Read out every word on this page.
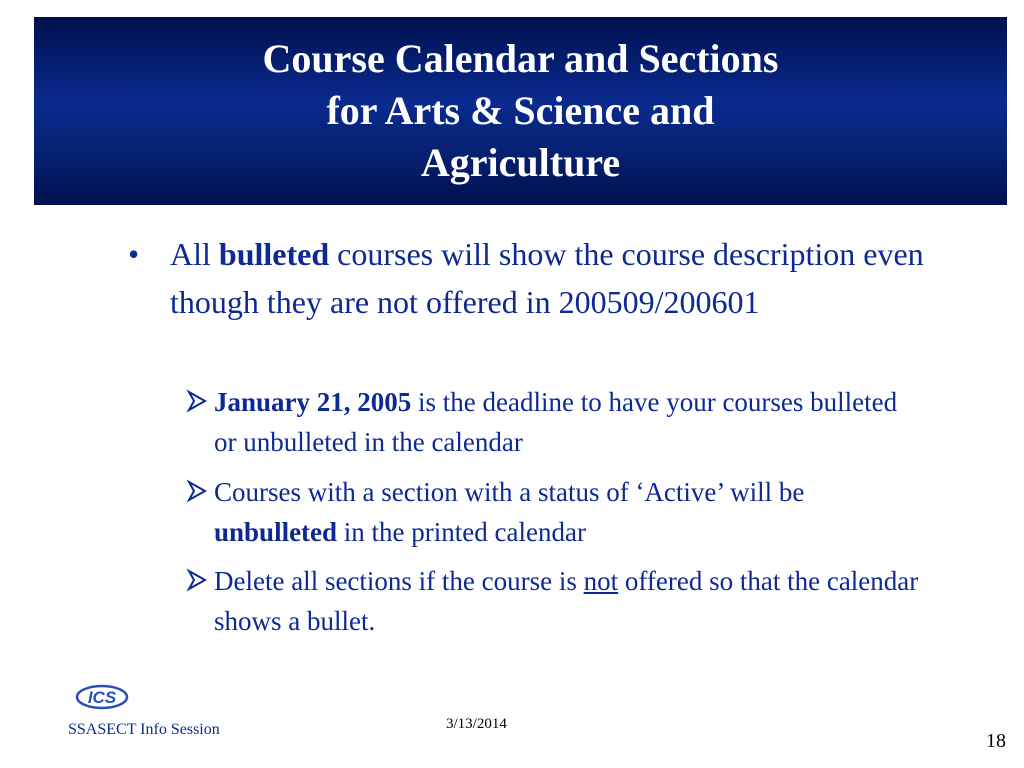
Course Calendar and Sections
for Arts & Science and
Agriculture
• All bulleted courses will show the course description even though they are not offered in 200509/200601
January 21, 2005 is the deadline to have your courses bulleted or unbulleted in the calendar
Courses with a section with a status of ‘Active’ will be unbulleted in the printed calendar
Delete all sections if the course is not offered so that the calendar shows a bullet.
ICS
SSASECT Info Session	3/13/2014
18
